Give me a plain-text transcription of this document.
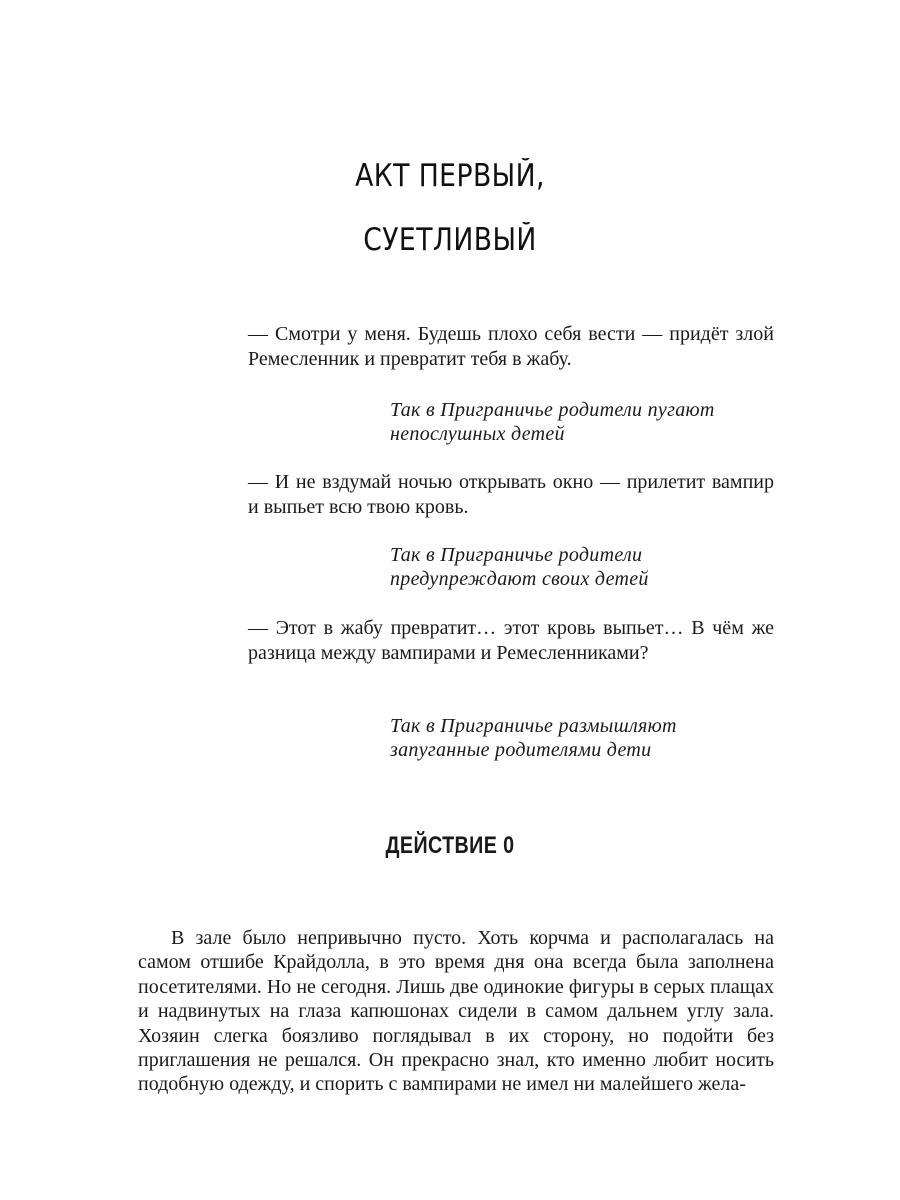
АКТ ПЕРВЫЙ,
СУЕТЛИВЫЙ

— Смотри у меня. Будешь плохо себя вести — придёт злой Ремесленник и превратит тебя в жабу.

Так в Приграничье родители пугают непослушных детей

— И не вздумай ночью открывать окно — прилетит вампир и выпьет всю твою кровь.

Так в Приграничье родители предупреждают своих детей

— Этот в жабу превратит… этот кровь выпьет… В чём же разница между вампирами и Ремесленниками?

Так в Приграничье размышляют запуганные родителями дети

ДЕЙСТВИЕ 0

В зале было непривычно пусто. Хоть корчма и располагалась на самом отшибе Крайдолла, в это время дня она всегда была заполнена посетителями. Но не сегодня. Лишь две одинокие фигуры в серых плащах и надвинутых на глаза капюшонах сидели в самом дальнем углу зала. Хозяин слегка боязливо поглядывал в их сторону, но подойти без приглашения не решался. Он прекрасно знал, кто именно любит носить подобную одежду, и спорить с вампирами не имел ни малейшего жела-
